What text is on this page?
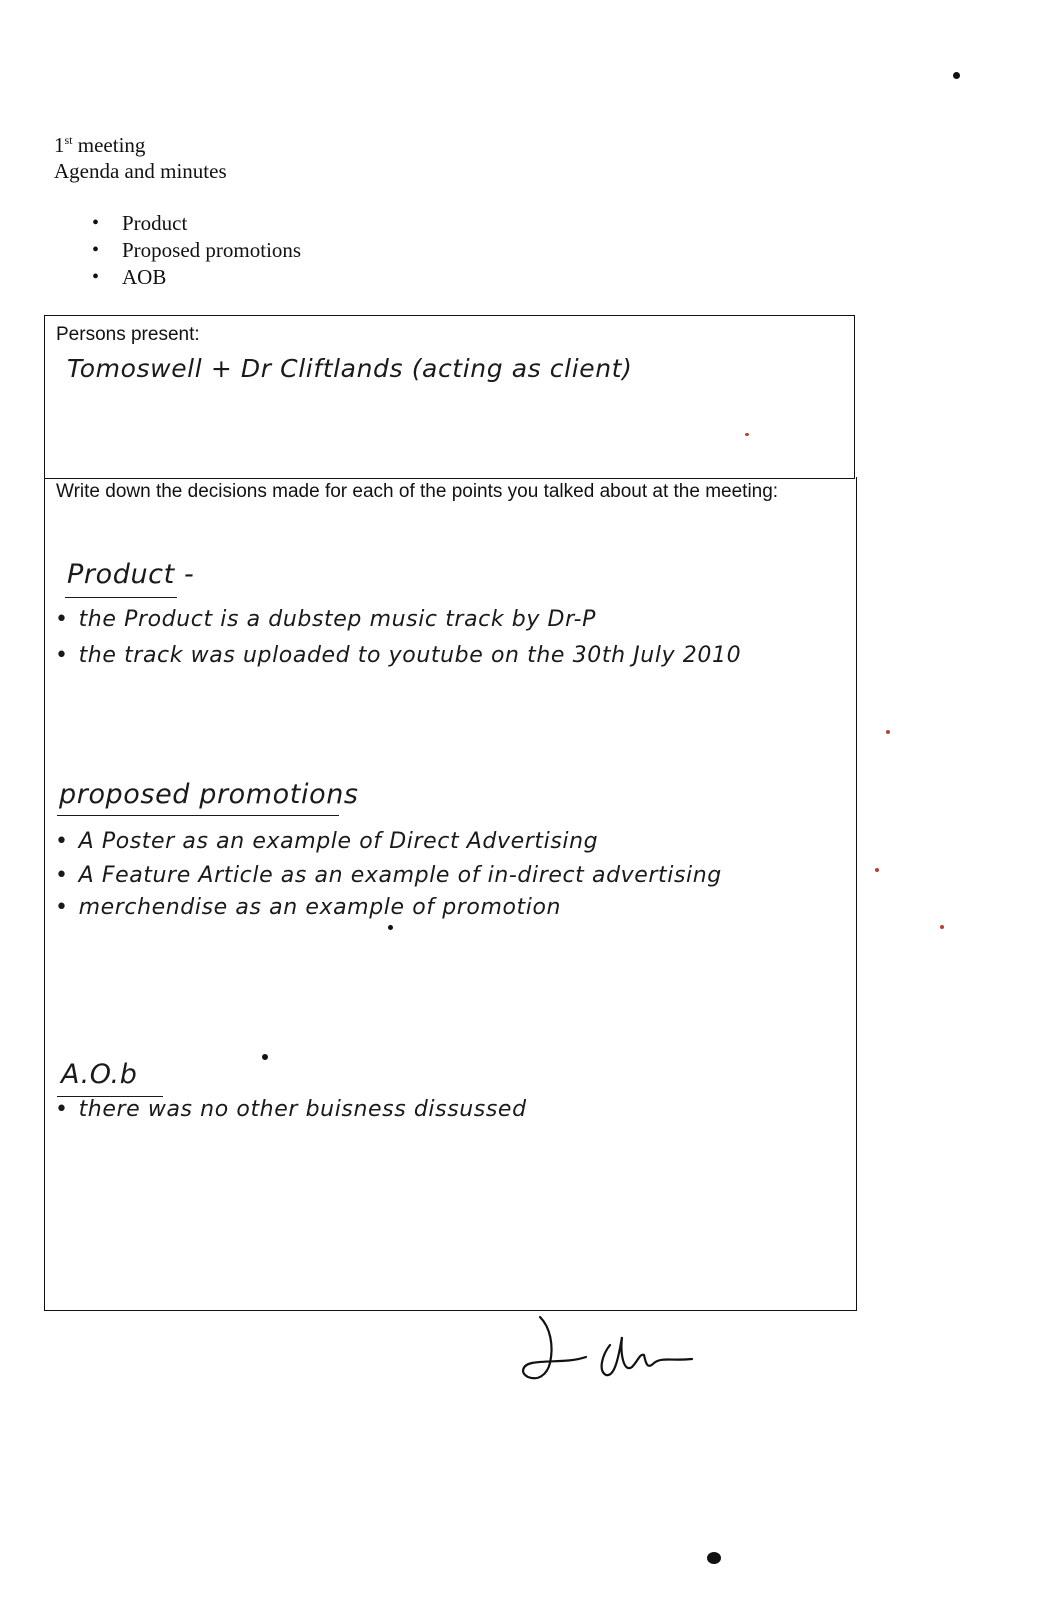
1st meeting
Agenda and minutes
• Product
• Proposed promotions
• AOB
Persons present:
Tomoswell + Dr Cliftlands (acting as client)
Write down the decisions made for each of the points you talked about at the meeting:
Product -
• the Product is a dubstep music track by Dr-P
• the track was uploaded to youtube on the 30th July 2010
proposed promotions
• A Poster as an example of Direct Advertising
• A Feature Article as an example of in-direct advertising
• merchendise as an example of promotion
A.O.b
• there was no other buisness dissussed
